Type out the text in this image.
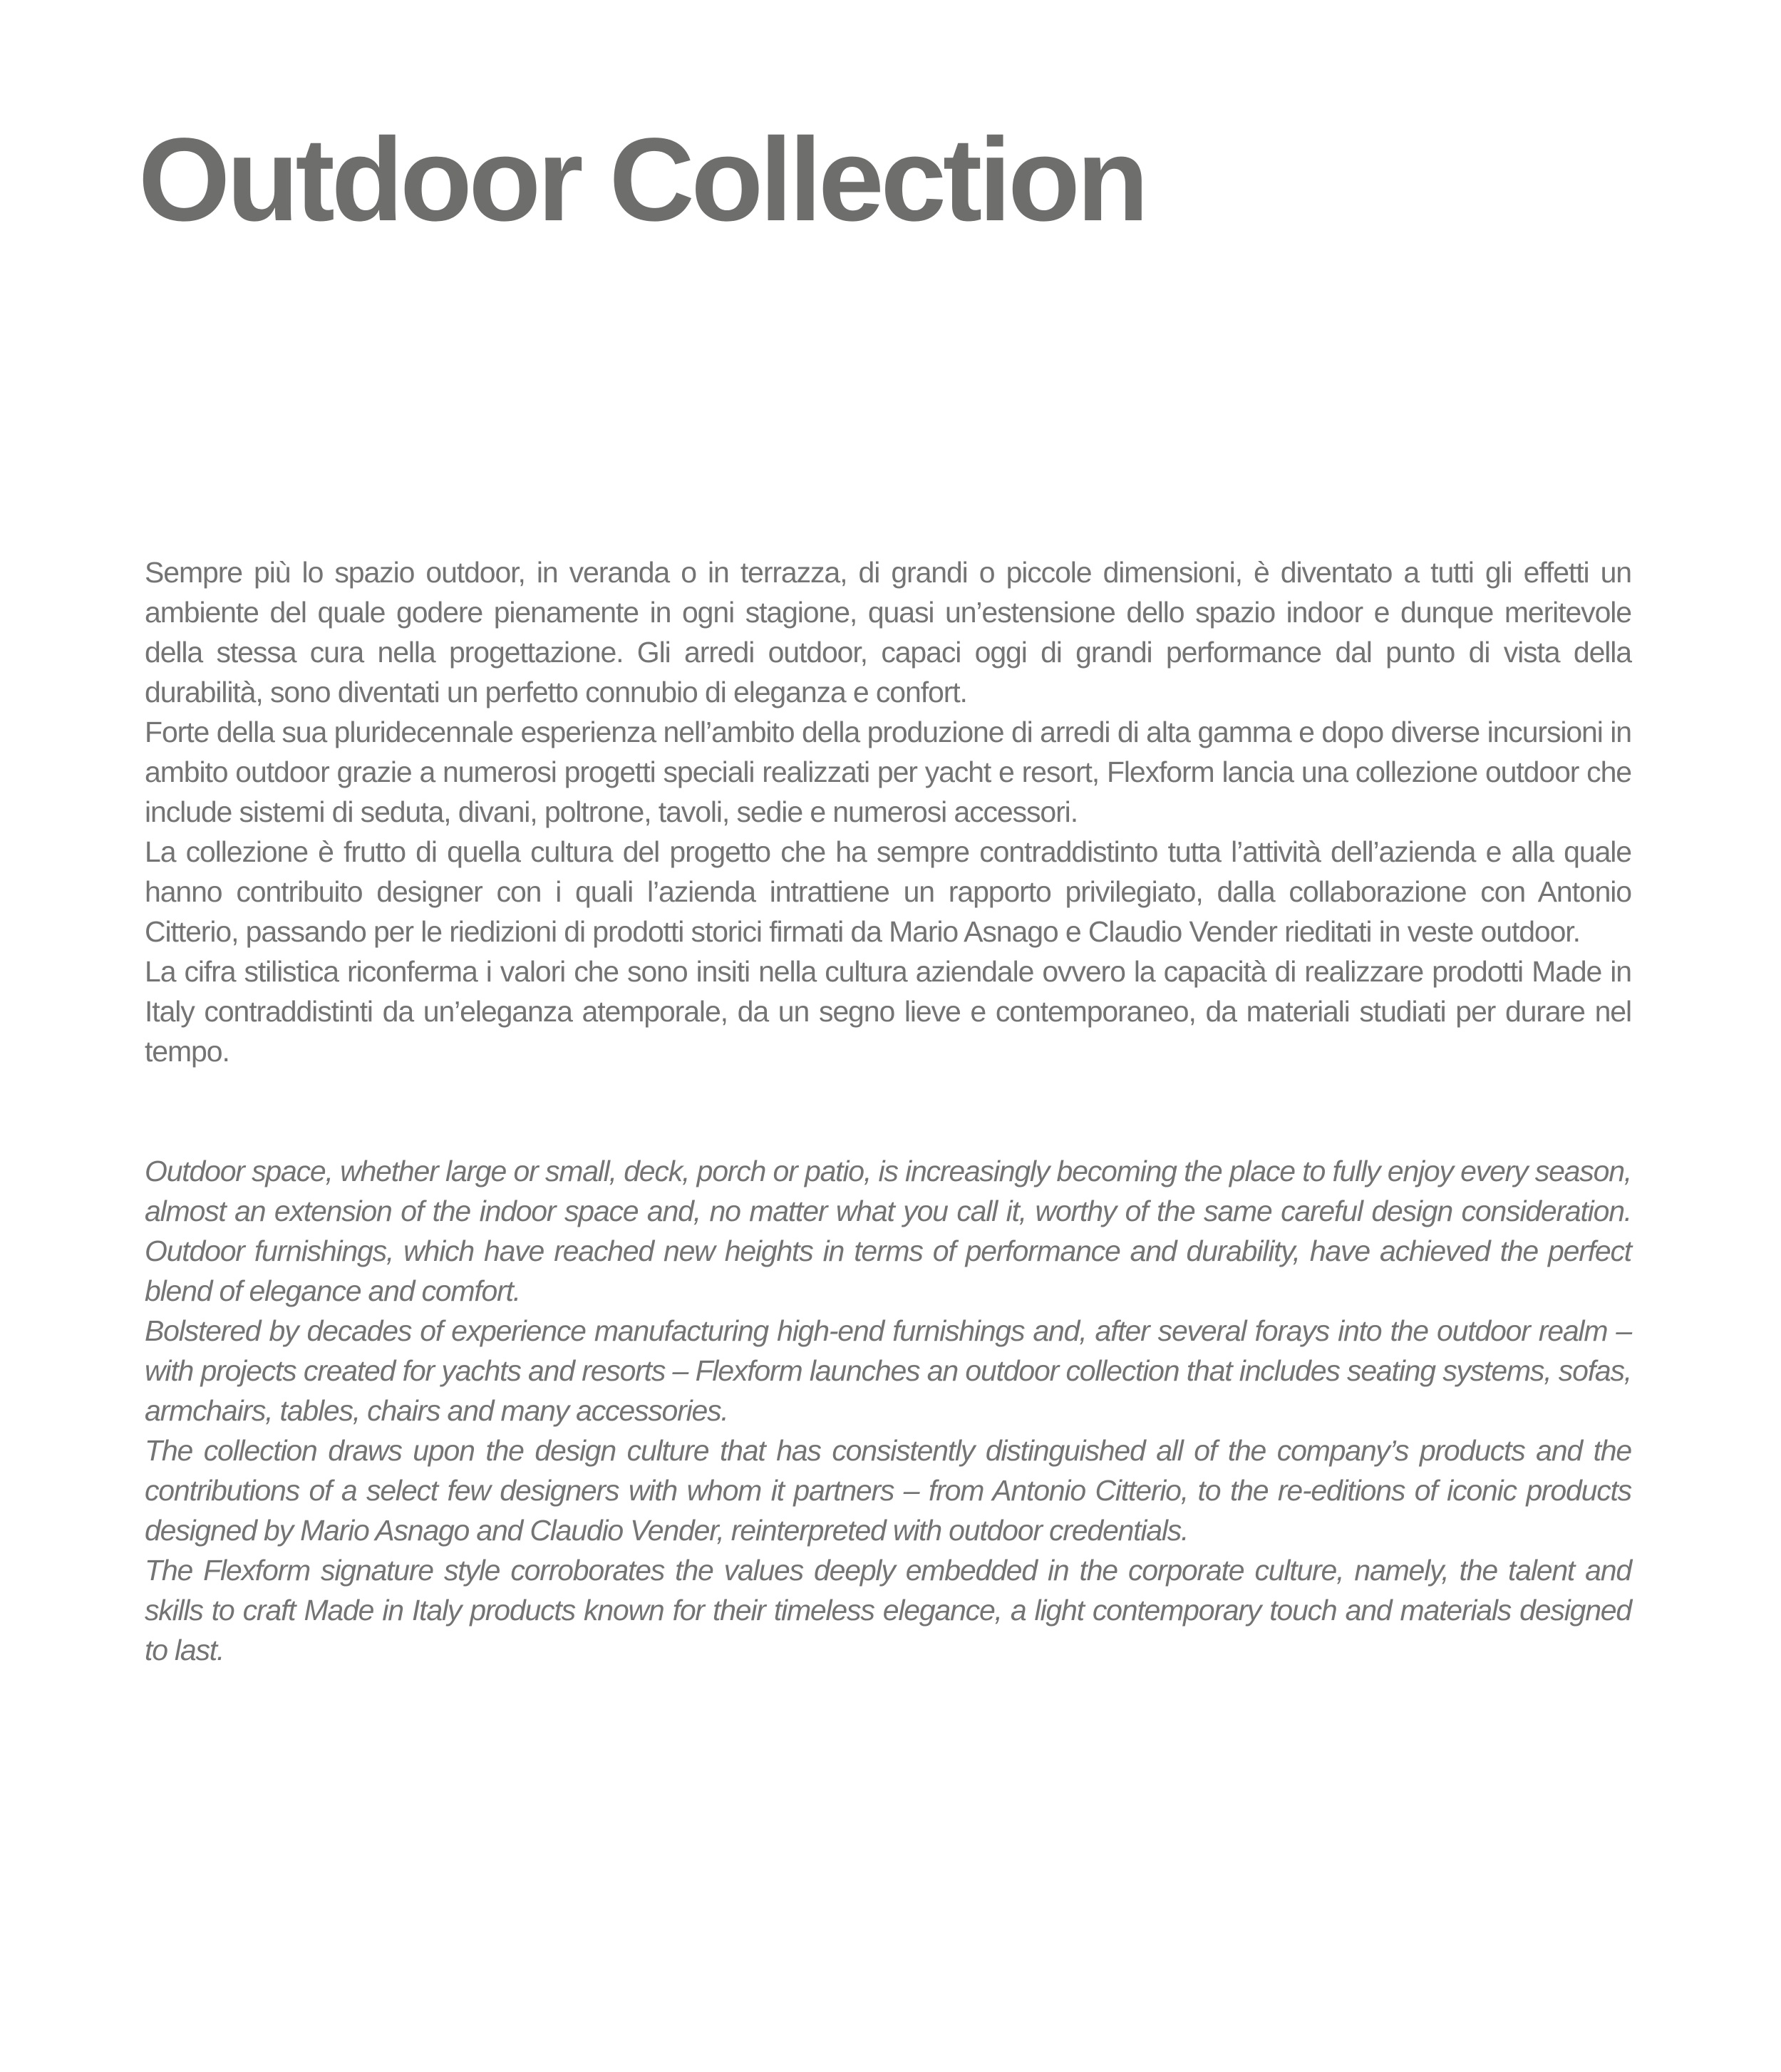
Outdoor Collection

Sempre più lo spazio outdoor, in veranda o in terrazza, di grandi o piccole dimensioni, è diventato a tutti gli effetti un ambiente del quale godere pienamente in ogni stagione, quasi un’estensione dello spazio indoor e dunque meritevole della stessa cura nella progettazione. Gli arredi outdoor, capaci oggi di grandi performance dal punto di vista della durabilità, sono diventati un perfetto connubio di eleganza e confort.

Forte della sua pluridecennale esperienza nell’ambito della produzione di arredi di alta gamma e dopo diverse incursioni in ambito outdoor grazie a numerosi progetti speciali realizzati per yacht e resort, Flexform lancia una collezione outdoor che include sistemi di seduta, divani, poltrone, tavoli, sedie e numerosi accessori.

La collezione è frutto di quella cultura del progetto che ha sempre contraddistinto tutta l’attività dell’azienda e alla quale hanno contribuito designer con i quali l’azienda intrattiene un rapporto privilegiato, dalla collaborazione con Antonio Citterio, passando per le riedizioni di prodotti storici firmati da Mario Asnago e Claudio Vender rieditati in veste outdoor.

La cifra stilistica riconferma i valori che sono insiti nella cultura aziendale ovvero la capacità di realizzare prodotti Made in Italy contraddistinti da un’eleganza atemporale, da un segno lieve e contemporaneo, da materiali studiati per durare nel tempo.

Outdoor space, whether large or small, deck, porch or patio, is increasingly becoming the place to fully enjoy every season, almost an extension of the indoor space and, no matter what you call it, worthy of the same careful design consideration. Outdoor furnishings, which have reached new heights in terms of performance and durability, have achieved the perfect blend of elegance and comfort.

Bolstered by decades of experience manufacturing high-end furnishings and, after several forays into the outdoor realm – with projects created for yachts and resorts – Flexform launches an outdoor collection that includes seating systems, sofas, armchairs, tables, chairs and many accessories.

The collection draws upon the design culture that has consistently distinguished all of the company’s products and the contributions of a select few designers with whom it partners – from Antonio Citterio, to the re-editions of iconic products designed by Mario Asnago and Claudio Vender, reinterpreted with outdoor credentials.

The Flexform signature style corroborates the values deeply embedded in the corporate culture, namely, the talent and skills to craft Made in Italy products known for their timeless elegance, a light contemporary touch and materials designed to last.
